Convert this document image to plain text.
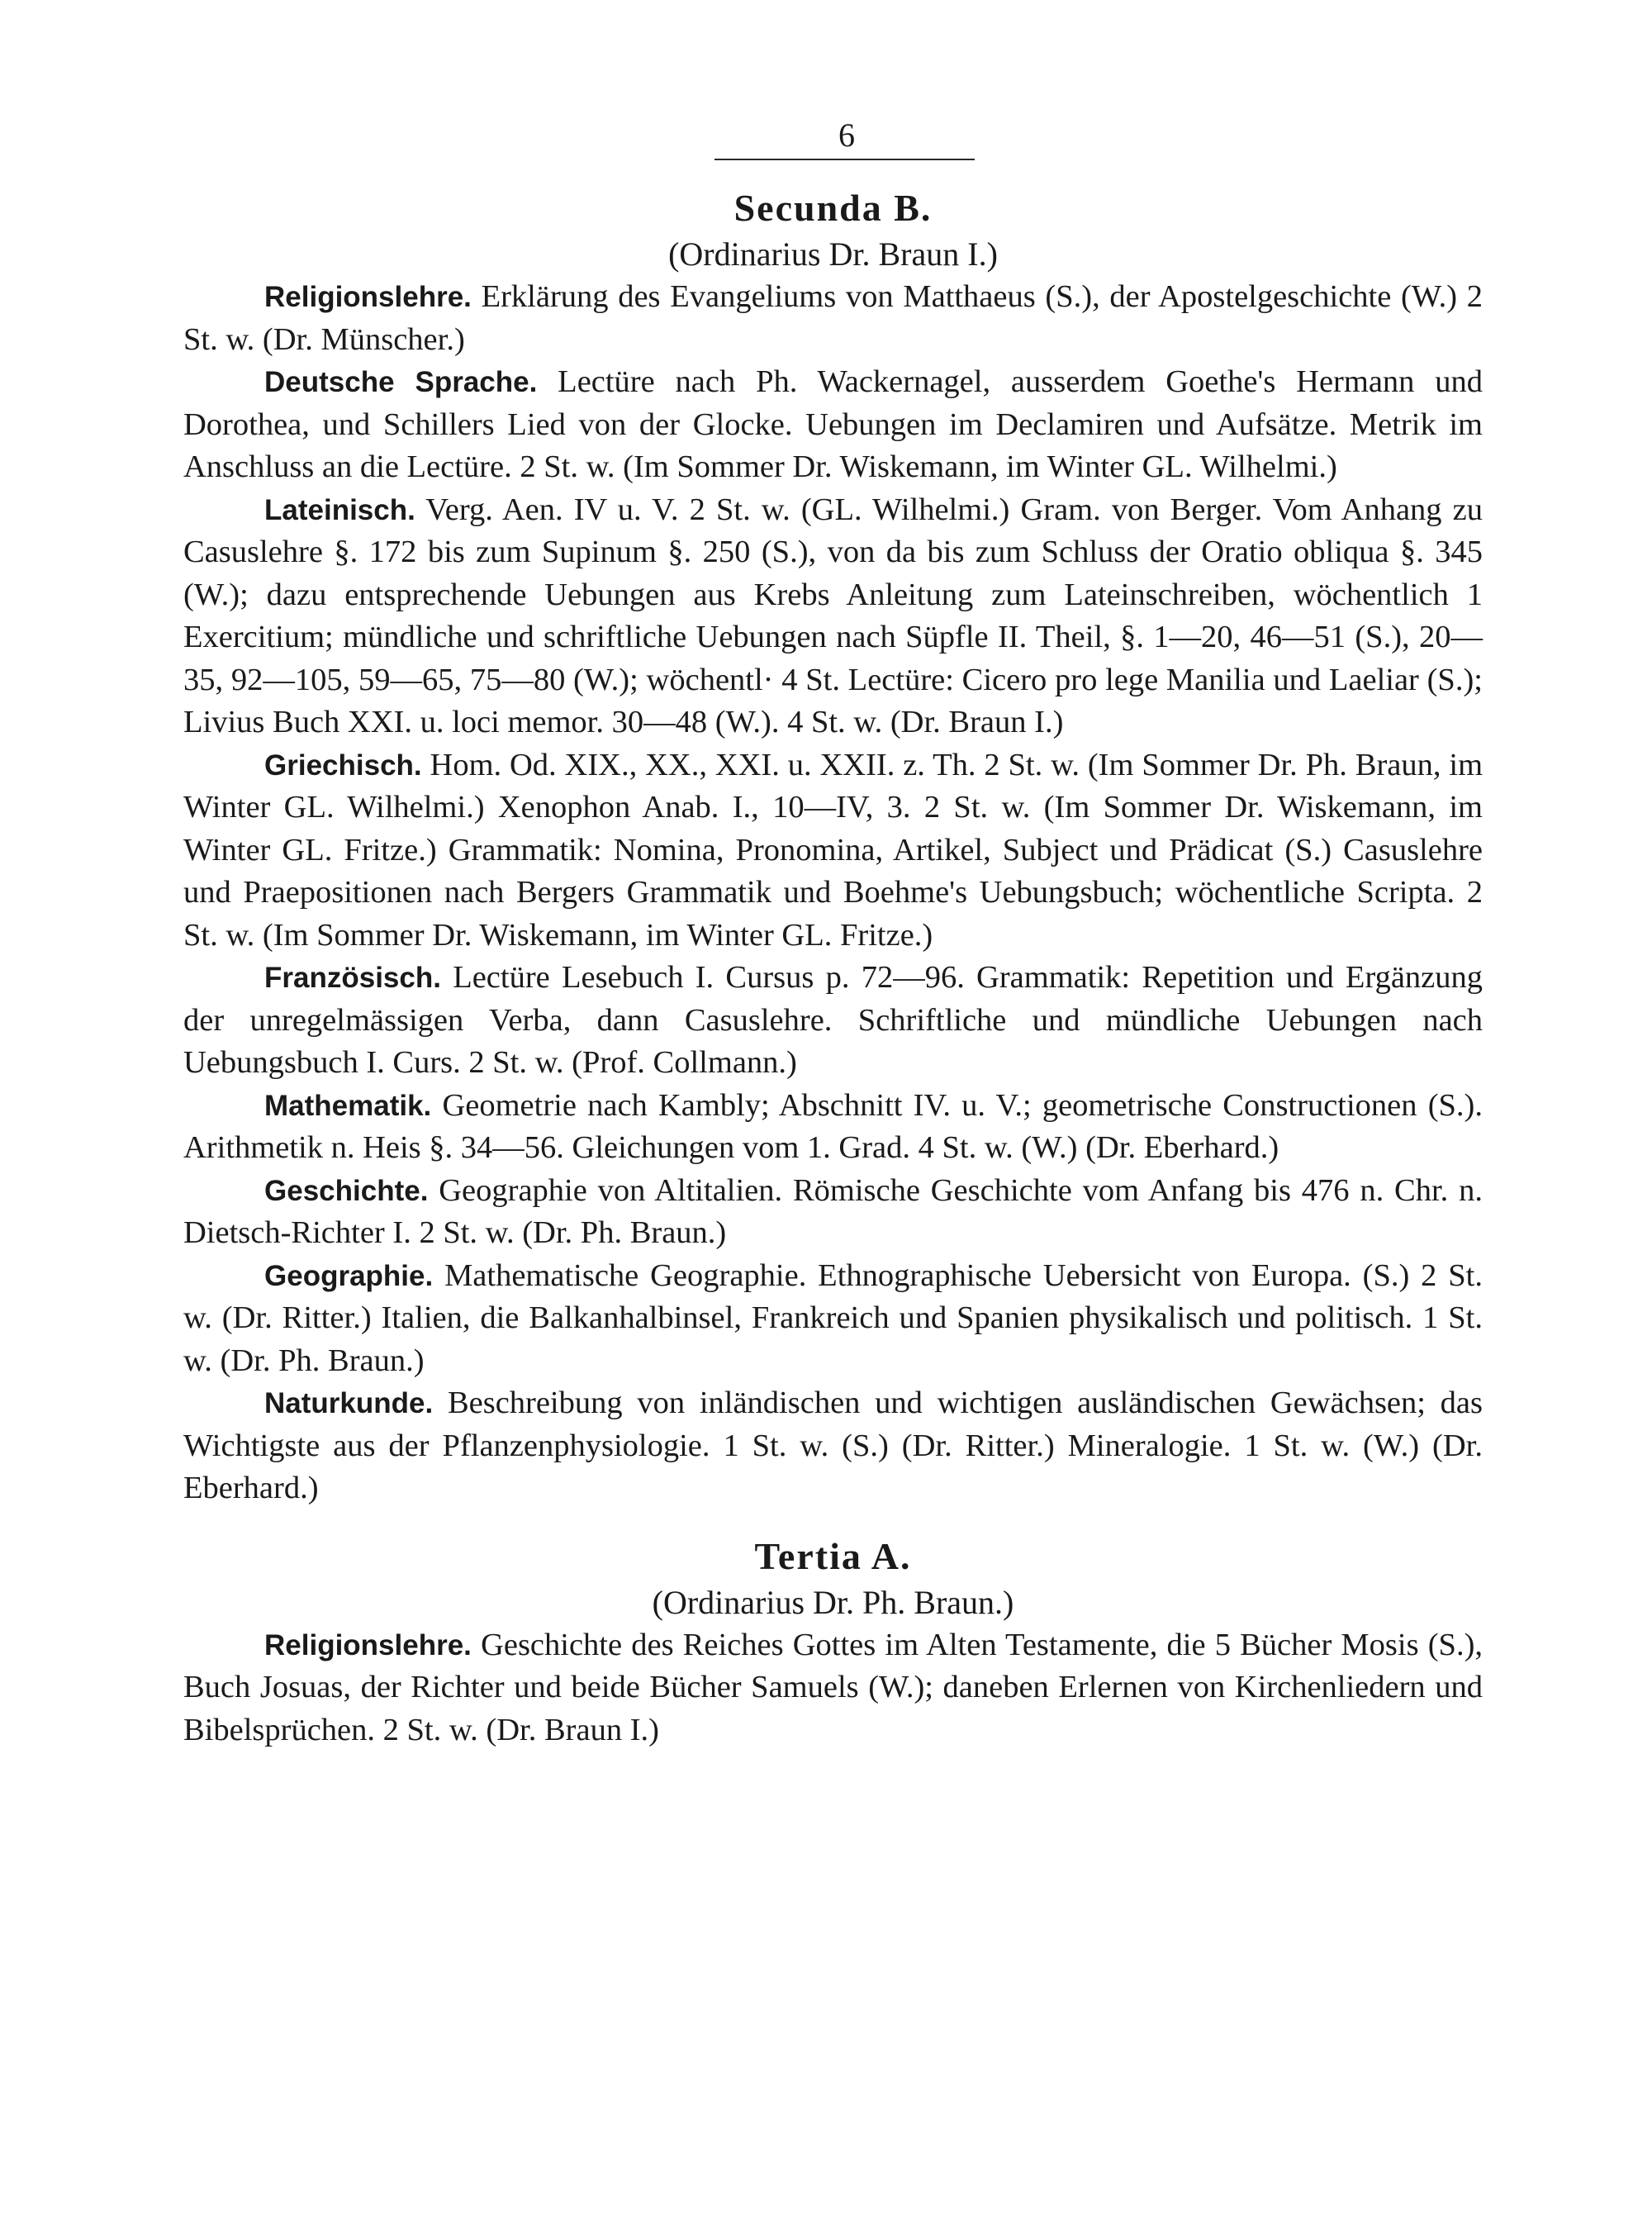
6
Secunda B.
(Ordinarius Dr. Braun I.)

Religionslehre. Erklärung des Evangeliums von Matthaeus (S.), der Apostelgeschichte (W.) 2 St. w. (Dr. Münscher.)

Deutsche Sprache. Lectüre nach Ph. Wackernagel, ausserdem Goethe's Hermann und Dorothea, und Schillers Lied von der Glocke. Uebungen im Declamiren und Aufsätze. Metrik im Anschluss an die Lectüre. 2 St. w. (Im Sommer Dr. Wiskemann, im Winter GL. Wilhelmi.)

Lateinisch. Verg. Aen. IV u. V. 2 St. w. (GL. Wilhelmi.) Gram. von Berger. Vom Anhang zu Casuslehre §. 172 bis zum Supinum §. 250 (S.), von da bis zum Schluss der Oratio obliqua §. 345 (W.); dazu entsprechende Uebungen aus Krebs Anleitung zum Lateinschreiben, wöchentlich 1 Exercitium; mündliche und schriftliche Uebungen nach Süpfle II. Theil, §. 1—20, 46—51 (S.), 20—35, 92—105, 59—65, 75—80 (W.); wöchentl· 4 St. Lectüre: Cicero pro lege Manilia und Laeliar (S.); Livius Buch XXI. u. loci memor. 30—48 (W.). 4 St. w. (Dr. Braun I.)

Griechisch. Hom. Od. XIX., XX., XXI. u. XXII. z. Th. 2 St. w. (Im Sommer Dr. Ph. Braun, im Winter GL. Wilhelmi.) Xenophon Anab. I., 10—IV, 3. 2 St. w. (Im Sommer Dr. Wiskemann, im Winter GL. Fritze.) Grammatik: Nomina, Pronomina, Artikel, Subject und Prädicat (S.) Casuslehre und Praepositionen nach Bergers Grammatik und Boehme's Uebungsbuch; wöchentliche Scripta. 2 St. w. (Im Sommer Dr. Wiskemann, im Winter GL. Fritze.)

Französisch. Lectüre Lesebuch I. Cursus p. 72—96. Grammatik: Repetition und Ergänzung der unregelmässigen Verba, dann Casuslehre. Schriftliche und mündliche Uebungen nach Uebungsbuch I. Curs. 2 St. w. (Prof. Collmann.)

Mathematik. Geometrie nach Kambly; Abschnitt IV. u. V.; geometrische Constructionen (S.). Arithmetik n. Heis §. 34—56. Gleichungen vom 1. Grad. 4 St. w. (W.) (Dr. Eberhard.)

Geschichte. Geographie von Altitalien. Römische Geschichte vom Anfang bis 476 n. Chr. n. Dietsch-Richter I. 2 St. w. (Dr. Ph. Braun.)

Geographie. Mathematische Geographie. Ethnographische Uebersicht von Europa. (S.) 2 St. w. (Dr. Ritter.) Italien, die Balkanhalbinsel, Frankreich und Spanien physikalisch und politisch. 1 St. w. (Dr. Ph. Braun.)

Naturkunde. Beschreibung von inländischen und wichtigen ausländischen Gewächsen; das Wichtigste aus der Pflanzenphysiologie. 1 St. w. (S.) (Dr. Ritter.) Mineralogie. 1 St. w. (W.) (Dr. Eberhard.)

Tertia A.
(Ordinarius Dr. Ph. Braun.)

Religionslehre. Geschichte des Reiches Gottes im Alten Testamente, die 5 Bücher Mosis (S.), Buch Josuas, der Richter und beide Bücher Samuels (W.); daneben Erlernen von Kirchenliedern und Bibelsprüchen. 2 St. w. (Dr. Braun I.)
